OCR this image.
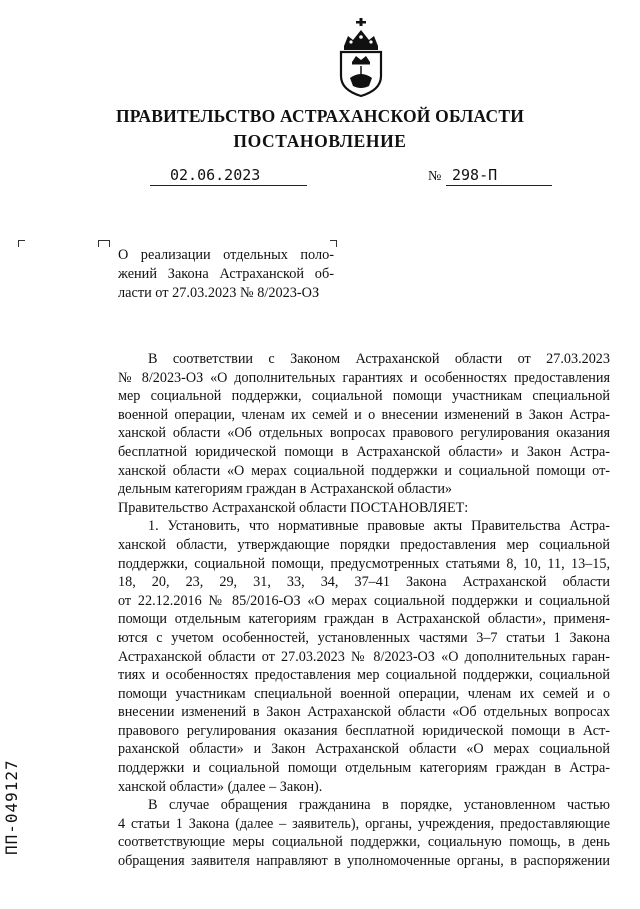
ПРАВИТЕЛЬСТВО АСТРАХАНСКОЙ ОБЛАСТИ
ПОСТАНОВЛЕНИЕ
02.06.2023	№ 298-П
О реализации отдельных поло-
жений Закона Астраханской об-
ласти от 27.03.2023 № 8/2023-ОЗ
В соответствии с Законом Астраханской области от 27.03.2023
№ 8/2023-ОЗ «О дополнительных гарантиях и особенностях предоставления
мер социальной поддержки, социальной помощи участникам специальной
военной операции, членам их семей и о внесении изменений в Закон Астра-
ханской области «Об отдельных вопросах правового регулирования оказания
бесплатной юридической помощи в Астраханской области» и Закон Астра-
ханской области «О мерах социальной поддержки и социальной помощи от-
дельным категориям граждан в Астраханской области»
Правительство Астраханской области ПОСТАНОВЛЯЕТ:
1. Установить, что нормативные правовые акты Правительства Астра-
ханской области, утверждающие порядки предоставления мер социальной
поддержки, социальной помощи, предусмотренных статьями 8, 10, 11, 13–15,
18, 20, 23, 29, 31, 33, 34, 37–41 Закона Астраханской области
от 22.12.2016 № 85/2016-ОЗ «О мерах социальной поддержки и социальной
помощи отдельным категориям граждан в Астраханской области», применя-
ются с учетом особенностей, установленных частями 3–7 статьи 1 Закона
Астраханской области от 27.03.2023 № 8/2023-ОЗ «О дополнительных гаран-
тиях и особенностях предоставления мер социальной поддержки, социальной
помощи участникам специальной военной операции, членам их семей и о
внесении изменений в Закон Астраханской области «Об отдельных вопросах
правового регулирования оказания бесплатной юридической помощи в Аст-
раханской области» и Закон Астраханской области «О мерах социальной
поддержки и социальной помощи отдельным категориям граждан в Астра-
ханской области» (далее – Закон).
В случае обращения гражданина в порядке, установленном частью
4 статьи 1 Закона (далее – заявитель), органы, учреждения, предоставляющие
соответствующие меры социальной поддержки, социальную помощь, в день
обращения заявителя направляют в уполномоченные органы, в распоряжении
ПП-049127
